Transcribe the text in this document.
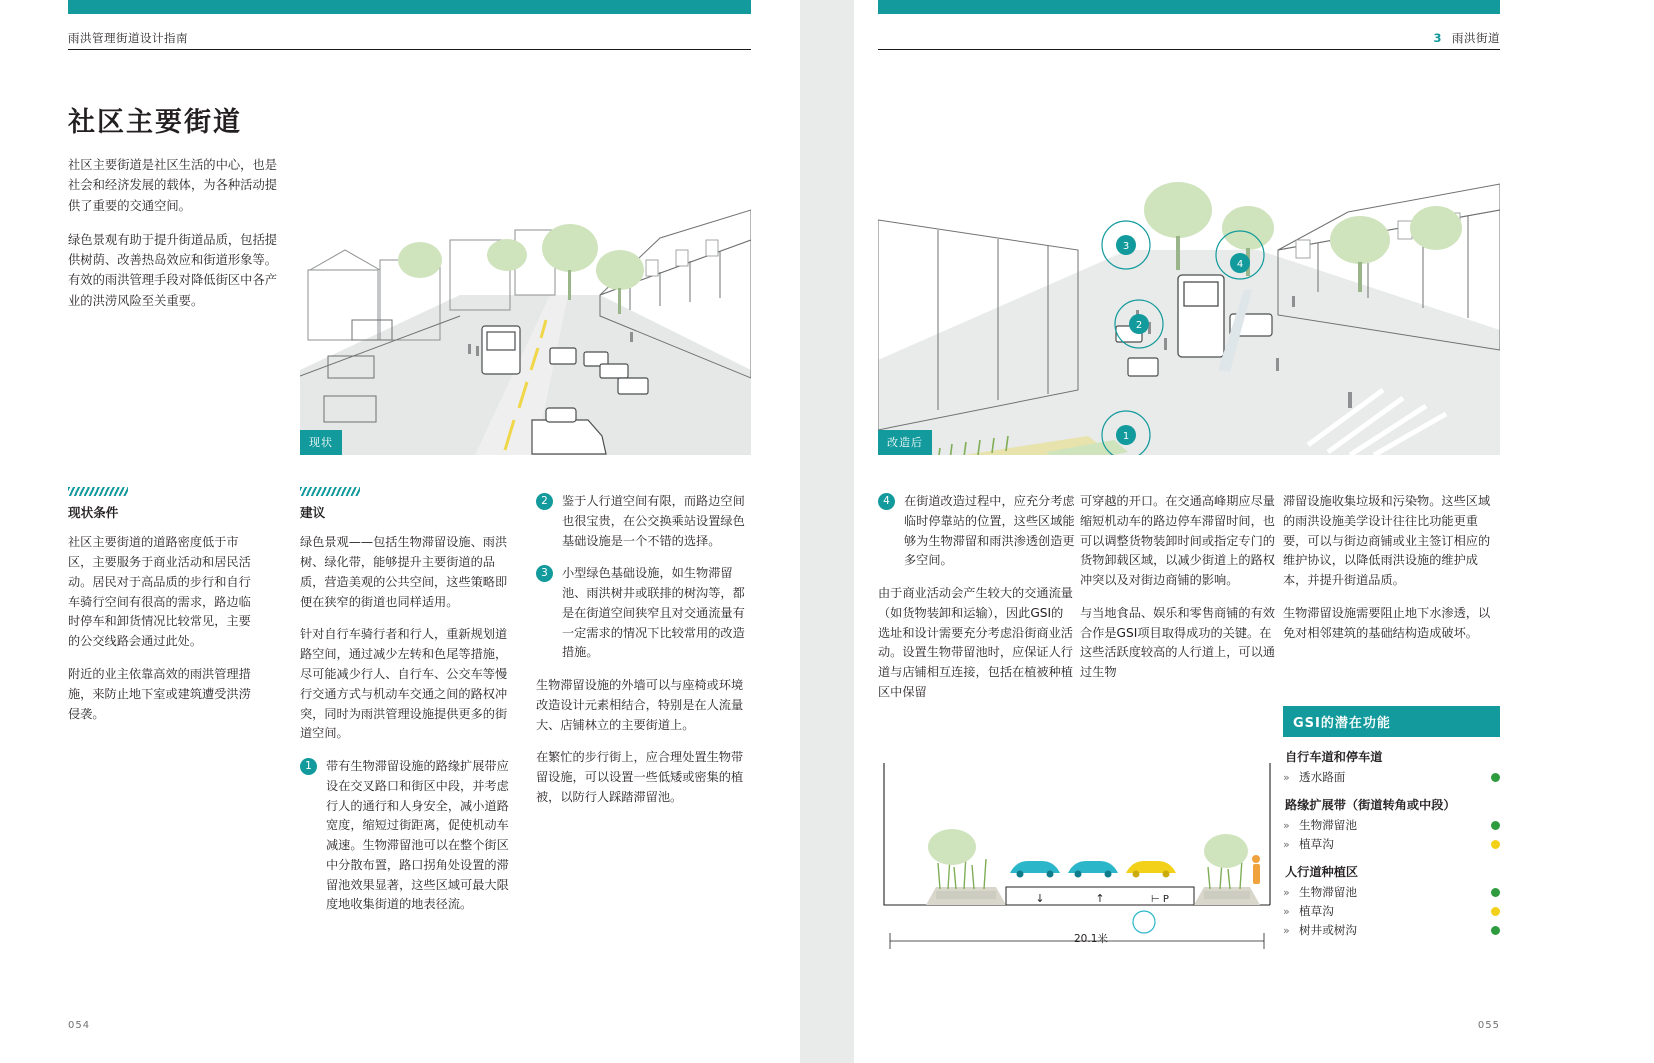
雨洪管理街道设计指南
社区主要街道

社区主要街道是社区生活的中心，也是社会和经济发展的载体，为各种活动提供了重要的交通空间。

绿色景观有助于提升街道品质，包括提供树荫、改善热岛效应和街道形象等。有效的雨洪管理手段对降低街区中各产业的洪涝风险至关重要。

现状
现状条件

社区主要街道的道路密度低于市区，主要服务于商业活动和居民活动。居民对于高品质的步行和自行车骑行空间有很高的需求，路边临时停车和卸货情况比较常见，主要的公交线路会通过此处。

附近的业主依靠高效的雨洪管理措施，来防止地下室或建筑遭受洪涝侵袭。

建议

绿色景观——包括生物滞留设施、雨洪树、绿化带，能够提升主要街道的品质，营造美观的公共空间，这些策略即便在狭窄的街道也同样适用。

针对自行车骑行者和行人，重新规划道路空间，通过减少左转和色尾等措施，尽可能减少行人、自行车、公交车等慢行交通方式与机动车交通之间的路权冲突，同时为雨洪管理设施提供更多的街道空间。

1	带有生物滞留设施的路缘扩展带应设在交叉路口和街区中段，并考虑行人的通行和人身安全，减小道路宽度，缩短过街距离，促使机动车减速。生物滞留池可以在整个街区中分散布置，路口拐角处设置的滞留池效果显著，这些区域可最大限度地收集街道的地表径流。
2	鉴于人行道空间有限，而路边空间也很宝贵，在公交换乘站设置绿色基础设施是一个不错的选择。
3	小型绿色基础设施，如生物滞留池、雨洪树井或联排的树沟等，都是在街道空间狭窄且对交通流量有一定需求的情况下比较常用的改造措施。

生物滞留设施的外墙可以与座椅或环境改造设计元素相结合，特别是在人流量大、店铺林立的主要街道上。

在繁忙的步行街上，应合理处置生物带留设施，可以设置一些低矮或密集的植被，以防行人踩踏滞留池。

054
3 雨洪街道
1
2
3
4
改造后
4	在街道改造过程中，应充分考虑临时停靠站的位置，这些区域能够为生物滞留和雨洪渗透创造更多空间。

由于商业活动会产生较大的交通流量（如货物装卸和运输），因此GSI的选址和设计需要充分考虑沿街商业活动。设置生物带留池时，应保证人行道与店铺相互连接，包括在植被种植区中保留

可穿越的开口。在交通高峰期应尽量缩短机动车的路边停车滞留时间，也可以调整货物装卸时间或指定专门的货物卸载区域，以减少街道上的路权冲突以及对街边商铺的影响。

与当地食品、娱乐和零售商铺的有效合作是GSI项目取得成功的关键。在这些活跃度较高的人行道上，可以通过生物

滞留设施收集垃圾和污染物。这些区域的雨洪设施美学设计往往比功能更重要，可以与街边商铺或业主签订相应的维护协议，以降低雨洪设施的维护成本，并提升街道品质。

生物滞留设施需要阻止地下水渗透，以免对相邻建筑的基础结构造成破坏。

GSI的潜在功能
自行车道和停车道
» 透水路面
路缘扩展带（街道转角或中段）
» 生物滞留池
» 植草沟
人行道种植区
» 生物滞留池
» 植草沟
» 树井或树沟
↓	↑	⊢ P
20.1米
055
